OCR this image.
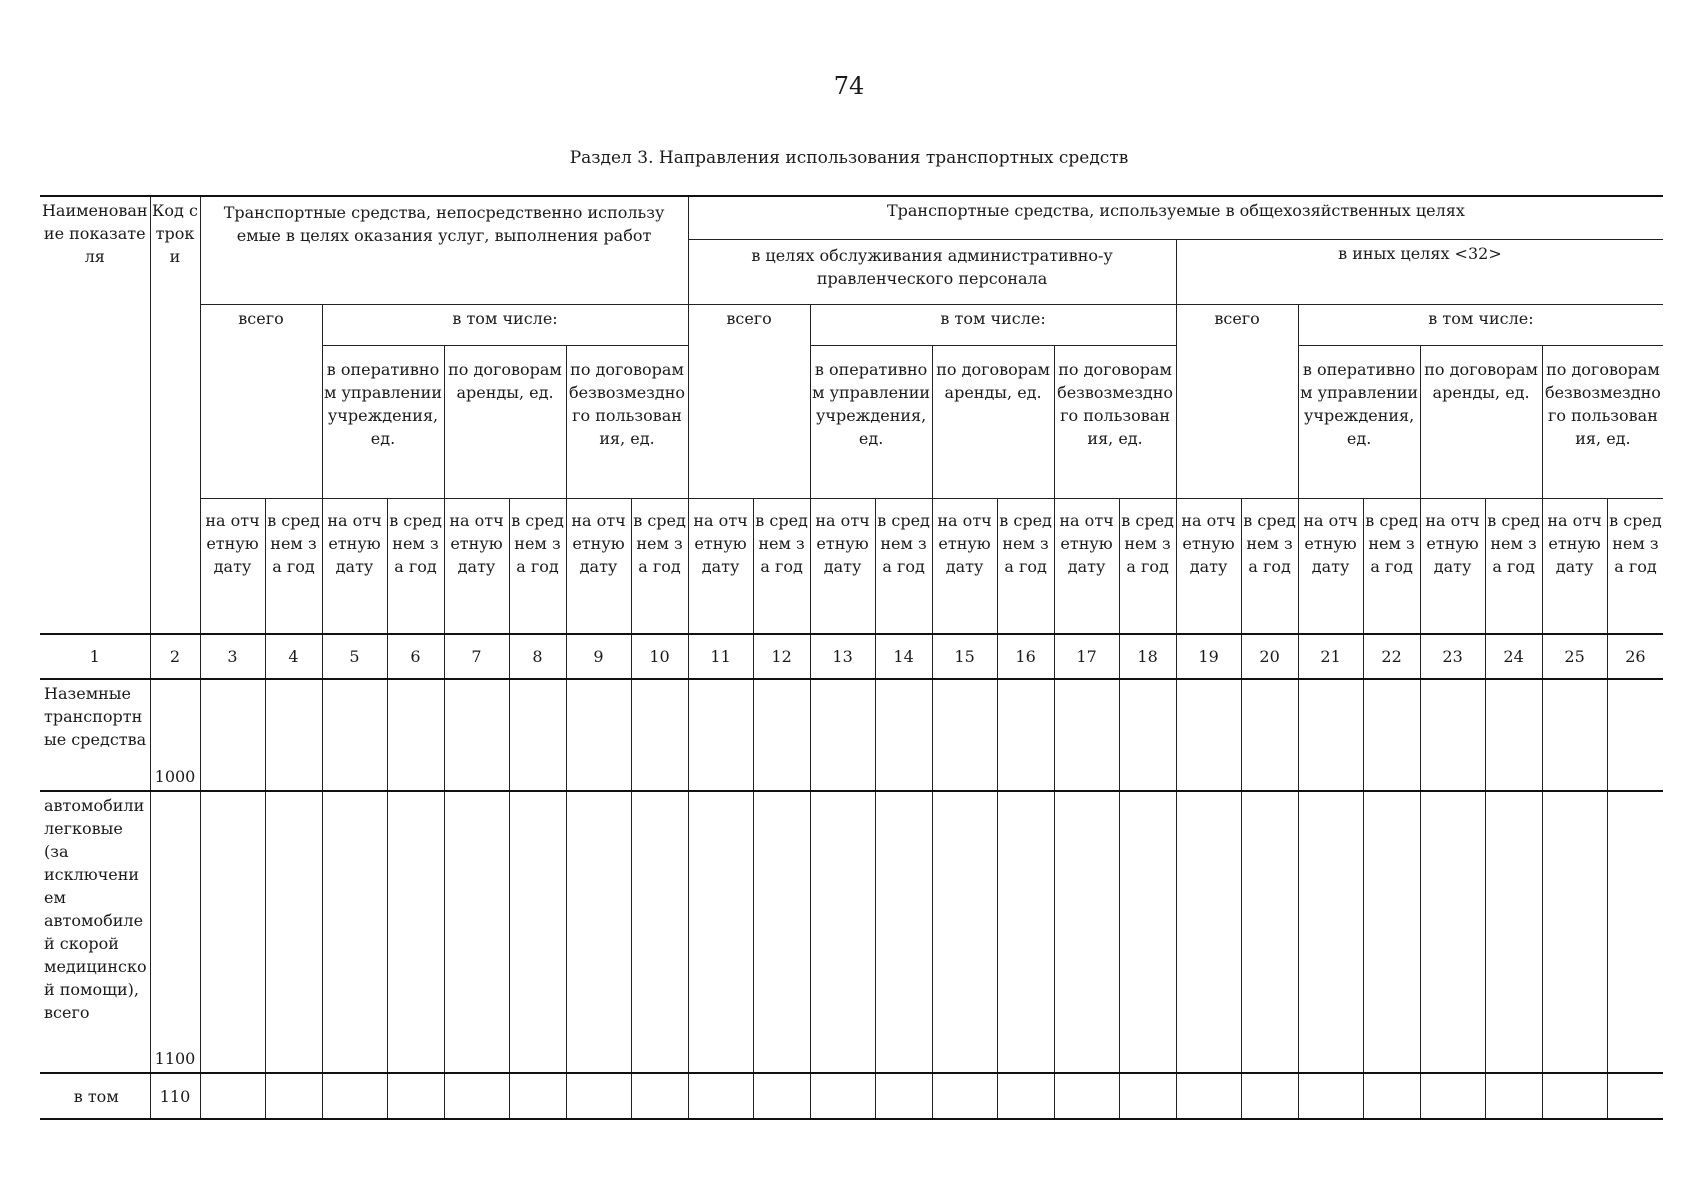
74
Раздел 3. Направления использования транспортных средств
Наименование показателя	Код строки	Транспортные средства, непосредственно используемые в целях оказания услуг, выполнения работ								Транспортные средства, используемые в общехозяйственных целях															
										в целях обслуживания административно-управленческого персонала								в иных целях <32>							
		всего		в том числе:						всего		в том числе:						всего		в том числе:					
				в оперативном управлении учреждения, ед.		по договорам аренды, ед.		по договорам безвозмездного пользования, ед.				в оперативном управлении учреждения, ед.		по договорам аренды, ед.		по договорам безвозмездного пользования, ед.				в оперативном управлении учреждения, ед.		по договорам аренды, ед.		по договорам безвозмездного пользования, ед.	
		на отчетную дату	в среднем за год	на отчетную дату	в среднем за год	на отчетную дату	в среднем за год	на отчетную дату	в среднем за год	на отчетную дату	в среднем за год	на отчетную дату	в среднем за год	на отчетную дату	в среднем за год	на отчетную дату	в среднем за год	на отчетную дату	в среднем за год	на отчетную дату	в среднем за год	на отчетную дату	в среднем за год	на отчетную дату	в среднем за год
1	2	3	4	5	6	7	8	9	10	11	12	13	14	15	16	17	18	19	20	21	22	23	24	25	26
Наземные транспортные средства	1000																								
автомобили легковые (за исключением автомобилей скорой медицинской помощи), всего	1100																								
в том	110																								
